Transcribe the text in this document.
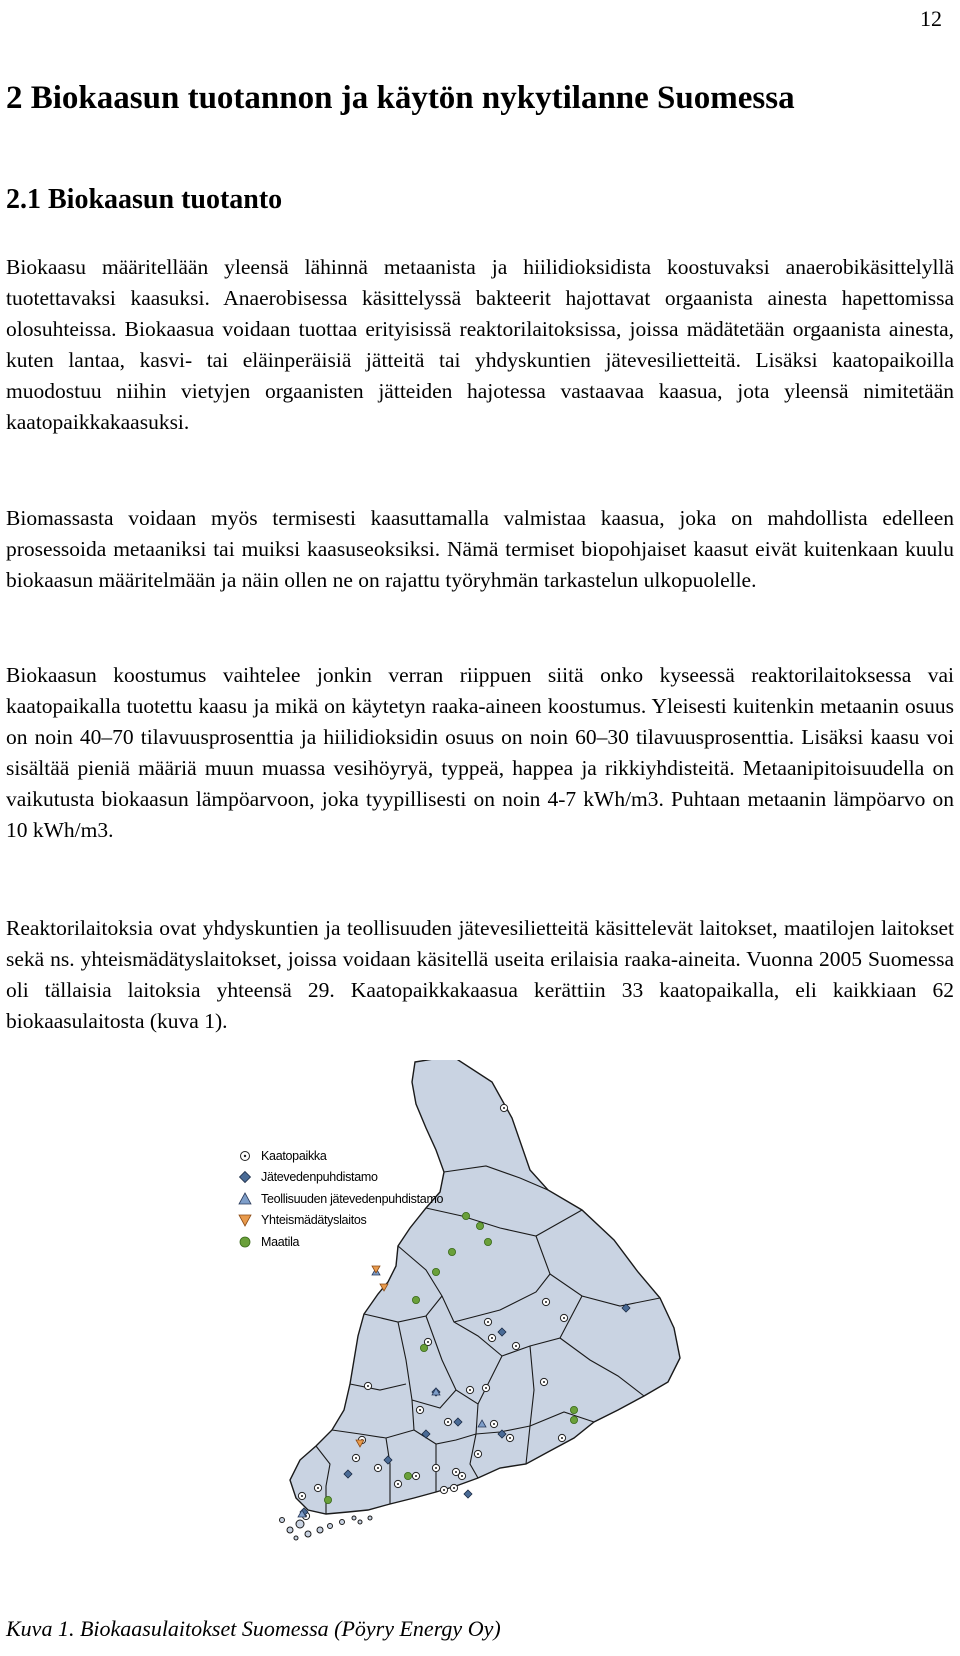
12
2 Biokaasun tuotannon ja käytön nykytilanne Suomessa
2.1 Biokaasun tuotanto

Biokaasu määritellään yleensä lähinnä metaanista ja hiilidioksidista koostuvaksi anaerobikäsittelyllä tuotettavaksi kaasuksi. Anaerobisessa käsittelyssä bakteerit hajottavat orgaanista ainesta hapettomissa olosuhteissa. Biokaasua voidaan tuottaa erityisissä reaktorilaitoksissa, joissa mädätetään orgaanista ainesta, kuten lantaa, kasvi- tai eläinperäisiä jätteitä tai yhdyskuntien jätevesilietteitä. Lisäksi kaatopaikoilla muodostuu niihin vietyjen orgaanisten jätteiden hajotessa vastaavaa kaasua, jota yleensä nimitetään kaatopaikkakaasuksi.

Biomassasta voidaan myös termisesti kaasuttamalla valmistaa kaasua, joka on mahdollista edelleen prosessoida metaaniksi tai muiksi kaasuseoksiksi. Nämä termiset biopohjaiset kaasut eivät kuitenkaan kuulu biokaasun määritelmään ja näin ollen ne on rajattu työryhmän tarkastelun ulkopuolelle.

Biokaasun koostumus vaihtelee jonkin verran riippuen siitä onko kyseessä reaktorilaitoksessa vai kaatopaikalla tuotettu kaasu ja mikä on käytetyn raaka-aineen koostumus. Yleisesti kuitenkin metaanin osuus on noin 40–70 tilavuusprosenttia ja hiilidioksidin osuus on noin 60–30 tilavuusprosenttia. Lisäksi kaasu voi sisältää pieniä määriä muun muassa vesihöyryä, typpeä, happea ja rikkiyhdisteitä. Metaanipitoisuudella on vaikutusta biokaasun lämpöarvoon, joka tyypillisesti on noin 4-7 kWh/m3. Puhtaan metaanin lämpöarvo on 10 kWh/m3.

Reaktorilaitoksia ovat yhdyskuntien ja teollisuuden jätevesilietteitä käsittelevät laitokset, maatilojen laitokset sekä ns. yhteismädätyslaitokset, joissa voidaan käsitellä useita erilaisia raaka-aineita. Vuonna 2005 Suomessa oli tällaisia laitoksia yhteensä 29. Kaatopaikkakaasua kerättiin 33 kaatopaikalla, eli kaikkiaan 62 biokaasulaitosta (kuva 1).

Kaatopaikka
Jätevedenpuhdistamo
Teollisuuden jätevedenpuhdistamo
Yhteismädätyslaitos
Maatila
Kuva 1. Biokaasulaitokset Suomessa (Pöyry Energy Oy)
